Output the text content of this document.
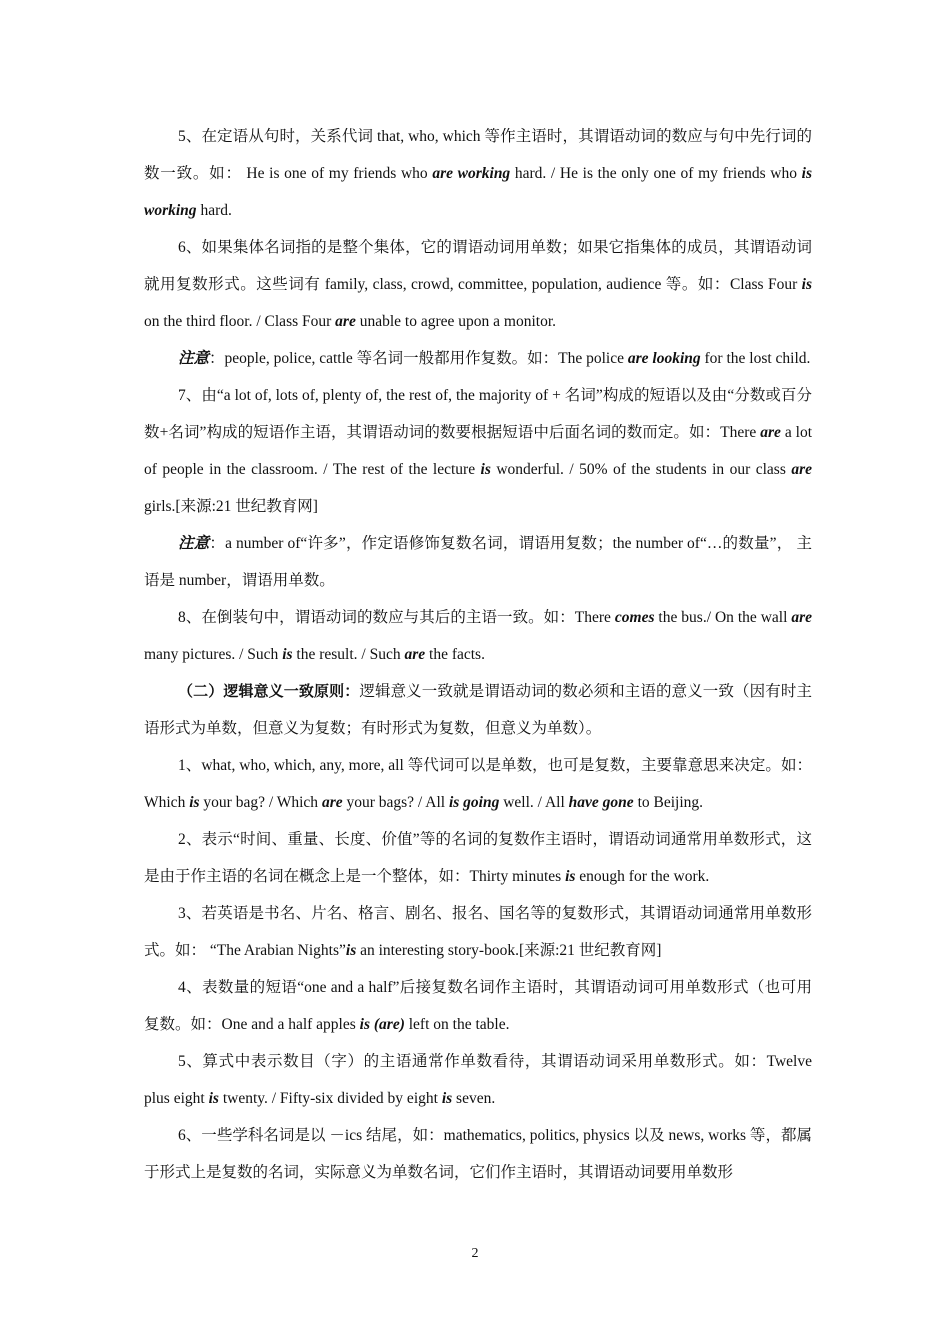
5、在定语从句时，关系代词 that, who, which 等作主语时，其谓语动词的数应与句中先行词的数一致。如： He is one of my friends who are working hard. / He is the only one of my friends who is working hard.

6、如果集体名词指的是整个集体，它的谓语动词用单数；如果它指集体的成员，其谓语动词就用复数形式。这些词有 family, class, crowd, committee, population, audience 等。如：Class Four is on the third floor. / Class Four are unable to agree upon a monitor.

注意：people, police, cattle 等名词一般都用作复数。如：The police are looking for the lost child.

7、由“a lot of, lots of, plenty of, the rest of, the majority of + 名词”构成的短语以及由“分数或百分数+名词”构成的短语作主语，其谓语动词的数要根据短语中后面名词的数而定。如：There are a lot of people in the classroom. / The rest of the lecture is wonderful. / 50% of the students in our class are girls.[来源:21 世纪教育网]

注意：a number of“许多”，作定语修饰复数名词，谓语用复数；the number of“…的数量”， 主语是 number，谓语用单数。

8、在倒装句中，谓语动词的数应与其后的主语一致。如：There comes the bus./ On the wall are many pictures. / Such is the result. / Such are the facts.

（二）逻辑意义一致原则：逻辑意义一致就是谓语动词的数必须和主语的意义一致（因有时主语形式为单数，但意义为复数；有时形式为复数，但意义为单数）。

1、what, who, which, any, more, all 等代词可以是单数，也可是复数，主要靠意思来决定。如：Which is your bag? / Which are your bags? / All is going well. / All have gone to Beijing.

2、表示“时间、重量、长度、价值”等的名词的复数作主语时，谓语动词通常用单数形式，这是由于作主语的名词在概念上是一个整体，如：Thirty minutes is enough for the work.

3、若英语是书名、片名、格言、剧名、报名、国名等的复数形式，其谓语动词通常用单数形式。如： “The Arabian Nights”is an interesting story-book.[来源:21 世纪教育网]

4、表数量的短语“one and a half”后接复数名词作主语时，其谓语动词可用单数形式（也可用复数。如：One and a half apples is (are) left on the table.

5、算式中表示数目（字）的主语通常作单数看待，其谓语动词采用单数形式。如：Twelve plus eight is twenty. / Fifty-six divided by eight is seven.

6、一些学科名词是以 －ics 结尾，如：mathematics, politics, physics 以及 news, works 等，都属于形式上是复数的名词，实际意义为单数名词，它们作主语时，其谓语动词要用单数形

2
